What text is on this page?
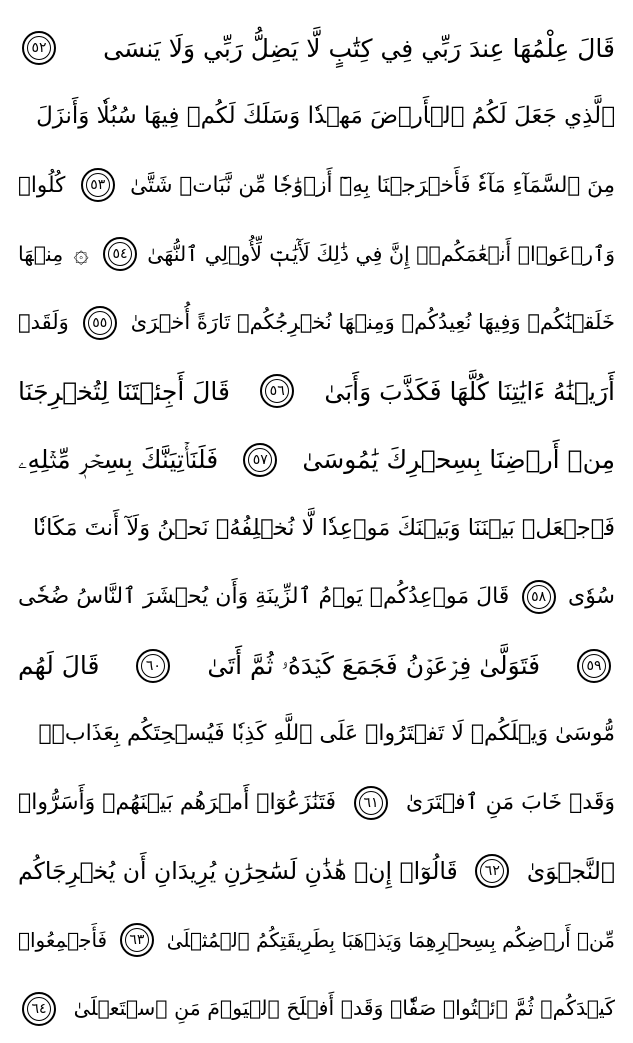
قَالَ عِلْمُهَا عِندَ رَبِّي فِي كِتَٰبٍ لَّا يَضِلُّ رَبِّي وَلَا يَنسَى
٥٢
ٱلَّذِي جَعَلَ لَكُمُ ٱلۡأَرۡضَ مَهۡدٗا وَسَلَكَ لَكُمۡ فِيهَا سُبُلٗا وَأَنزَلَ
مِنَ ٱلسَّمَآءِ مَآءٗ فَأَخۡرَجۡنَا بِهِۦٓ أَزۡوَٰجٗا مِّن نَّبَاتٖ شَتَّىٰ
٥٣
كُلُوا۟
وَٱرۡعَوۡا۟ أَنۡعَٰمَكُمۡۚ إِنَّ فِي ذَٰلِكَ لَأٓيَٰتٖ لِّأُو۟لِي ٱلنُّهَىٰ
٥٤
۞
مِنۡهَا
خَلَقۡنَٰكُمۡ وَفِيهَا نُعِيدُكُمۡ وَمِنۡهَا نُخۡرِجُكُمۡ تَارَةً أُخۡرَىٰ
٥٥
وَلَقَدۡ
أَرَيۡنَٰهُ ءَايَٰتِنَا كُلَّهَا فَكَذَّبَ وَأَبَىٰ
٥٦
قَالَ أَجِئۡتَنَا لِتُخۡرِجَنَا
مِنۡ أَرۡضِنَا بِسِحۡرِكَ يَٰمُوسَىٰ
٥٧
فَلَنَأۡتِيَنَّكَ بِسِحۡرٖ مِّثۡلِهِۦ
فَٱجۡعَلۡ بَيۡنَنَا وَبَيۡنَكَ مَوۡعِدٗا لَّا نُخۡلِفُهُۥ نَحۡنُ وَلَآ أَنتَ مَكَانٗا
سُوٗى
٥٨
قَالَ مَوۡعِدُكُمۡ يَوۡمُ ٱلزِّينَةِ وَأَن يُحۡشَرَ ٱلنَّاسُ ضُحٗى
٥٩
فَتَوَلَّىٰ فِرۡعَوۡنُ فَجَمَعَ كَيۡدَهُۥ ثُمَّ أَتَىٰ
٦٠
قَالَ لَهُم
مُّوسَىٰ وَيۡلَكُمۡ لَا تَفۡتَرُوا۟ عَلَى ٱللَّهِ كَذِبٗا فَيُسۡحِتَكُم بِعَذَابٖۖ
وَقَدۡ خَابَ مَنِ ٱفۡتَرَىٰ
٦١
فَتَنَٰزَعُوٓا۟ أَمۡرَهُم بَيۡنَهُمۡ وَأَسَرُّوا۟
ٱلنَّجۡوَىٰ
٦٢
قَالُوٓا۟ إِنۡ هَٰذَٰنِ لَسَٰحِرَٰنِ يُرِيدَانِ أَن يُخۡرِجَاكُم
مِّنۡ أَرۡضِكُم بِسِحۡرِهِمَا وَيَذۡهَبَا بِطَرِيقَتِكُمُ ٱلۡمُثۡلَىٰ
٦٣
فَأَجۡمِعُوا۟
كَيۡدَكُمۡ ثُمَّ ٱئۡتُوا۟ صَفّٗاۚ وَقَدۡ أَفۡلَحَ ٱلۡيَوۡمَ مَنِ ٱسۡتَعۡلَىٰ
٦٤
